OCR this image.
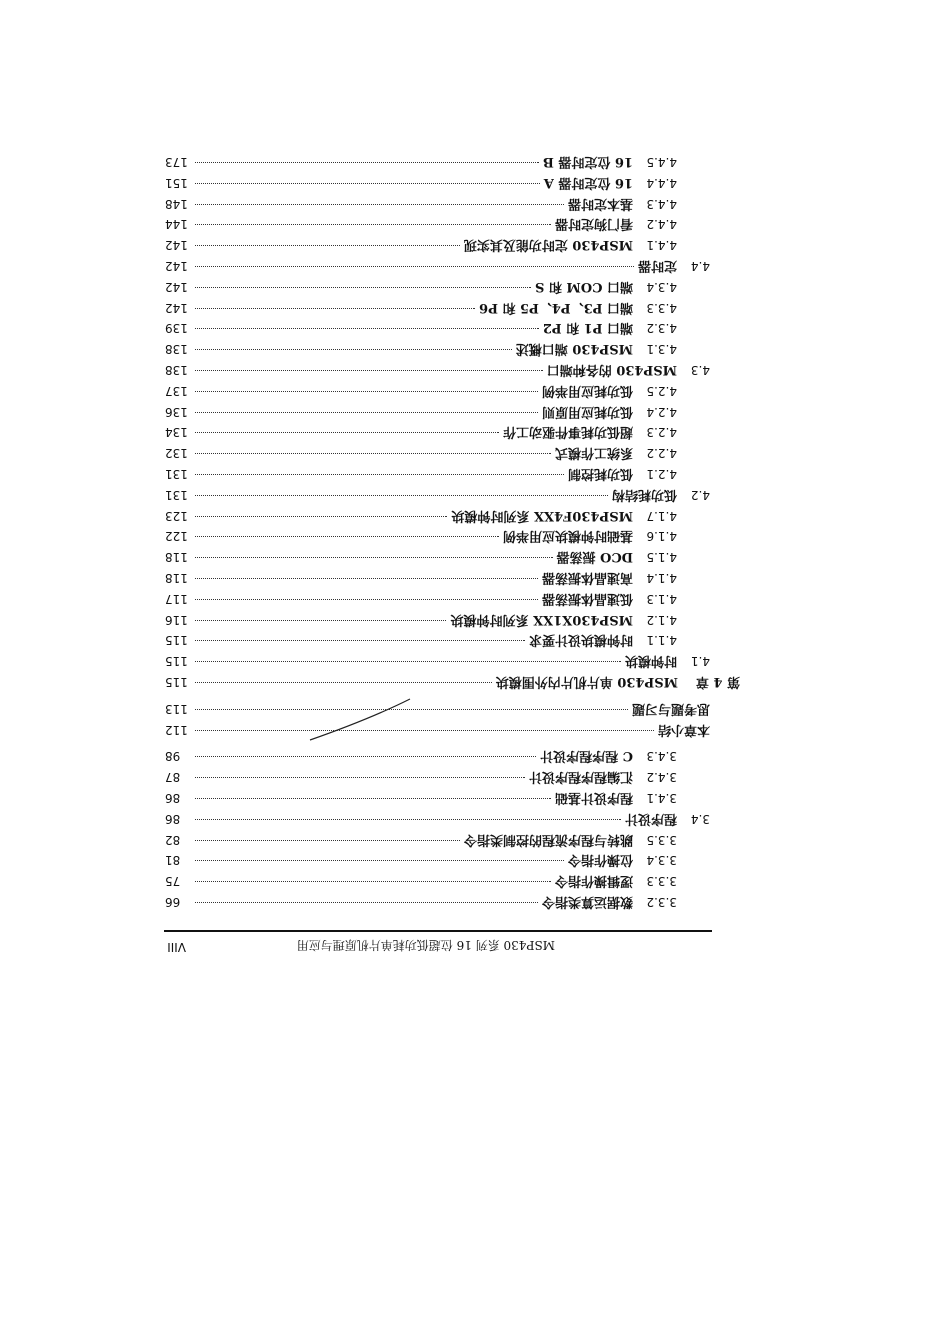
VIII	MSP430 系列 16 位超低功耗单片机原理与应用
3.3.2
数据运算类指令
66
3.3.3
逻辑操作指令
75
3.3.4
位操作指令
81
3.3.5
跳转与程序流程的控制类指令
82
3.4
程序设计
86
3.4.1
程序设计基础
86
3.4.2
汇编程序程序设计
87
3.4.3
C 程序程序设计
98
本章小结
112
思考题与习题
113
第 4 章
MSP430 单片机片内外围模块
115
4.1
时钟模块
115
4.1.1
时钟模块设计要求
115
4.1.2
MSP430X1XX 系列时钟模块
116
4.1.3
低速晶体振荡器
117
4.1.4
高速晶体振荡器
118
4.1.5
DCO 振荡器
118
4.1.6
基础时钟模块应用举例
122
4.1.7
MSP430F4XX 系列时钟模块
123
4.2
低功耗结构
131
4.2.1
低功耗控制
131
4.2.2
系统工作模式
132
4.2.3
超低功耗事件驱动工作
134
4.2.4
低功耗应用原则
136
4.2.5
低功耗应用举例
137
4.3
MSP430 的各种端口
138
4.3.1
MSP430 端口概述
138
4.3.2
端口 P1 和 P2
139
4.3.3
端口 P3、P4、P5 和 P6
142
4.3.4
端口 COM 和 S
142
4.4
定时器
142
4.4.1
MSP430 定时功能及其实现
142
4.4.2
看门狗定时器
144
4.4.3
基本定时器
148
4.4.4
16 位定时器 A
151
4.4.5
16 位定时器 B
173
